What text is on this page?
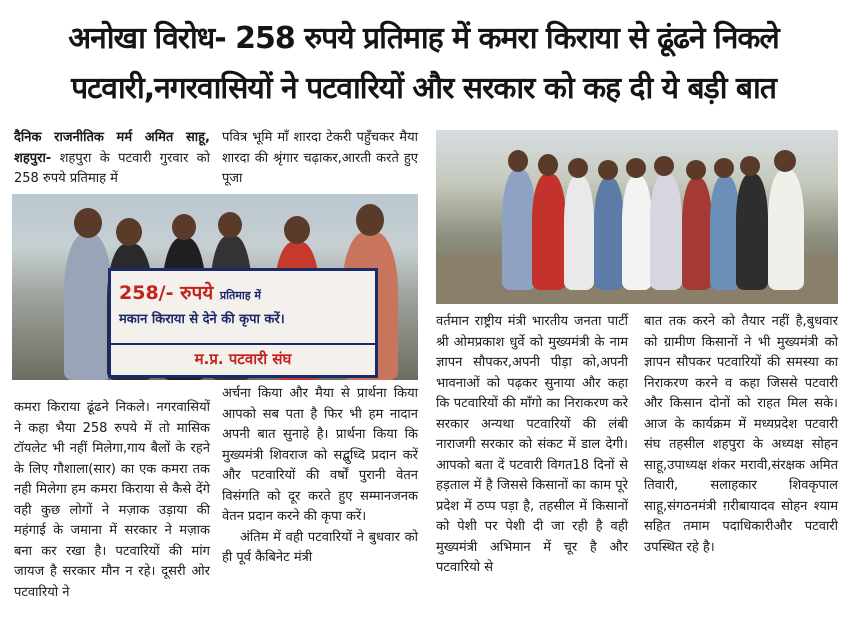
अनोखा विरोध- 258 रुपये प्रतिमाह में कमरा किराया से ढूंढने निकले
पटवारी,नगरवासियों ने पटवारियों और सरकार को कह दी ये बड़ी बात

दैनिक राजनीतिक मर्म अमित साहू, शहपुरा- शहपुरा के पटवारी गुरवार को 258 रुपये प्रतिमाह में

पवित्र भूमि माँ शारदा टेकरी पहुँचकर मैया शारदा की श्रृंगार चढ़ाकर,आरती करते हुए पूजा

258/- रुपये प्रतिमाह में
मकान किराया से देने की कृपा करें।
म.प्र. पटवारी संघ

कमरा किराया ढूंढने निकले। नगरवासियों ने कहा भैया 258 रुपये में तो मासिक टॉयलेट भी नहीं मिलेगा,गाय बैलों के रहने के लिए गौशाला(सार) का एक कमरा तक नही मिलेगा हम कमरा किराया से कैसे देंगे वही कुछ लोगों ने मज़ाक उड़ाया की महंगाई के जमाना में सरकार ने मज़ाक बना कर रखा है। पटवारियों की मांग जायज है सरकार मौन न रहे। दूसरी ओर पटवारियो ने

अर्चना किया और मैया से प्रार्थना किया आपको सब पता है फिर भी हम नादान अपनी बात सुनाहे है। प्रार्थना किया कि मुख्यमंत्री शिवराज को सद्बुध्दि प्रदान करें और पटवारियों की वर्षों पुरानी वेतन विसंगति को दूर करते हुए सम्मानजनक वेतन प्रदान करने की कृपा करें।

अंतिम में वही पटवारियों ने बुधवार को ही पूर्व कैबिनेट मंत्री

वर्तमान राष्ट्रीय मंत्री भारतीय जनता पार्टी श्री ओमप्रकाश धुर्वे को मुख्यमंत्री के नाम ज्ञापन सौपकर,अपनी पीड़ा को,अपनी भावनाओं को पढ़कर सुनाया और कहा कि पटवारियों की माँगो का निराकरण करे सरकार अन्यथा पटवारियों की लंबी नाराजगी सरकार को संकट में डाल देगी। आपको बता दें पटवारी विगत18 दिनों से हड़ताल में है जिससे किसानों का काम पूरे प्रदेश में ठप्प पड़ा है, तहसील में किसानों को पेशी पर पेशी दी जा रही है वही मुख्यमंत्री अभिमान में चूर है और पटवारियो से

बात तक करने को तैयार नहीं है,बुधवार को ग्रामीण किसानों ने भी मुख्यमंत्री को ज्ञापन सौपकर पटवारियों की समस्या का निराकरण करने व कहा जिससे पटवारी और किसान दोनों को राहत मिल सके। आज के कार्यक्रम में मध्यप्रदेश पटवारी संघ तहसील शहपुरा के अध्यक्ष सोहन साहू,उपाध्यक्ष शंकर मरावी,संरक्षक अमित तिवारी, सलाहकार शिवकृपाल साहू,संगठनमंत्री ग़रीबायादव सोहन श्याम सहित तमाम पदाधिकारीऔर पटवारी उपस्थित रहे है।
